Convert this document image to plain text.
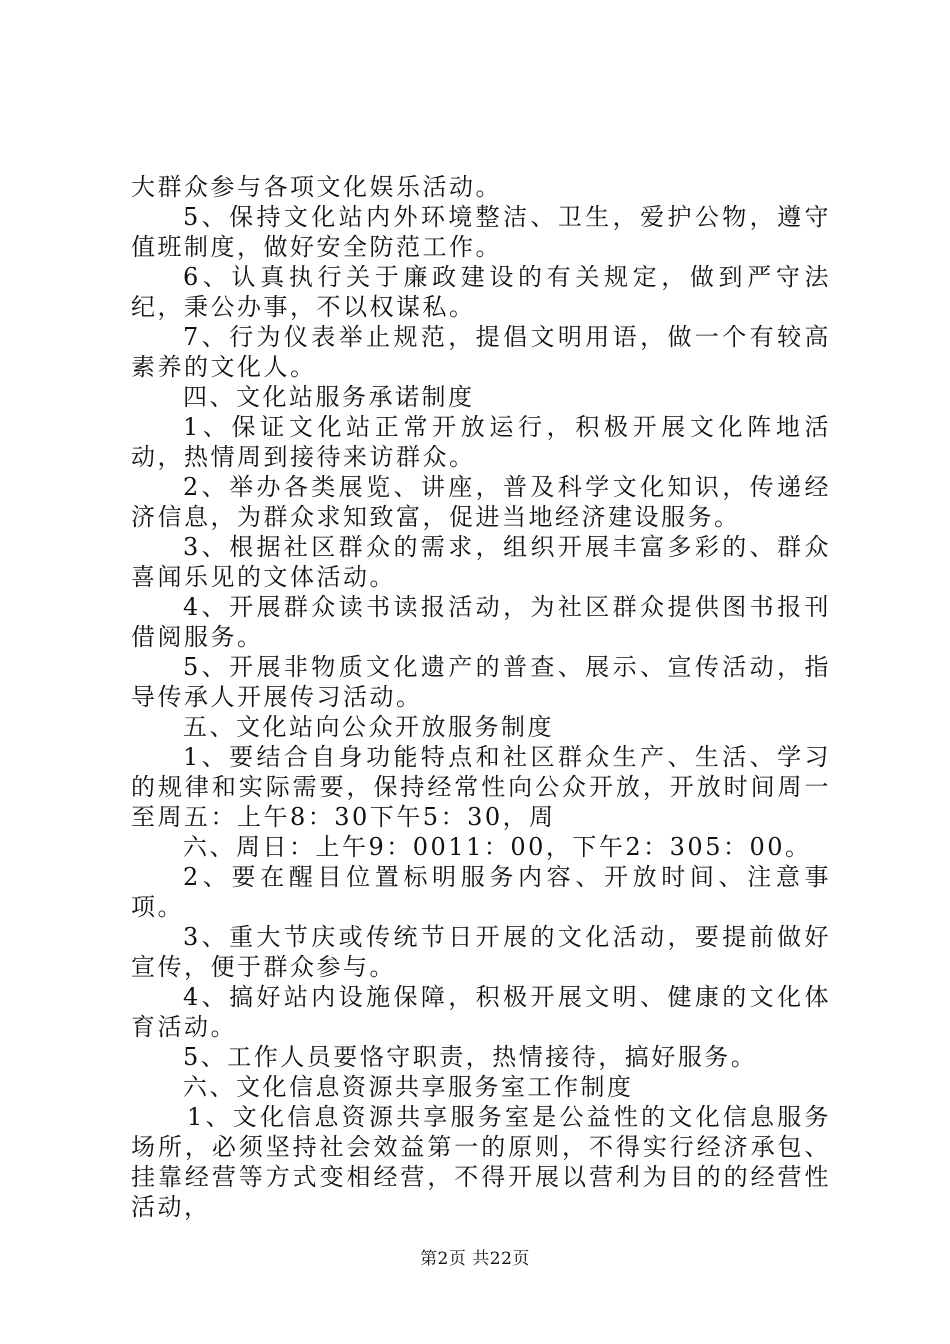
大群众参与各项文化娱乐活动。

5、保持文化站内外环境整洁、卫生，爱护公物，遵守值班制度，做好安全防范工作。

6、认真执行关于廉政建设的有关规定，做到严守法纪，秉公办事，不以权谋私。

7、行为仪表举止规范，提倡文明用语，做一个有较高素养的文化人。

四、文化站服务承诺制度

1、保证文化站正常开放运行，积极开展文化阵地活动，热情周到接待来访群众。

2、举办各类展览、讲座，普及科学文化知识，传递经济信息，为群众求知致富，促进当地经济建设服务。

3、根据社区群众的需求，组织开展丰富多彩的、群众喜闻乐见的文体活动。

4、开展群众读书读报活动，为社区群众提供图书报刊借阅服务。

5、开展非物质文化遗产的普查、展示、宣传活动，指导传承人开展传习活动。

五、文化站向公众开放服务制度

1、要结合自身功能特点和社区群众生产、生活、学习的规律和实际需要，保持经常性向公众开放，开放时间周一至周五：上午8：30下午5：30，周

六、周日：上午9：0011：00，下午2：305：00。

2、要在醒目位置标明服务内容、开放时间、注意事项。

3、重大节庆或传统节日开展的文化活动，要提前做好宣传，便于群众参与。

4、搞好站内设施保障，积极开展文明、健康的文化体育活动。

5、工作人员要恪守职责，热情接待，搞好服务。

六、文化信息资源共享服务室工作制度

1、文化信息资源共享服务室是公益性的文化信息服务场所，必须坚持社会效益第一的原则，不得实行经济承包、挂靠经营等方式变相经营，不得开展以营利为目的的经营性活动，

第2页 共22页
